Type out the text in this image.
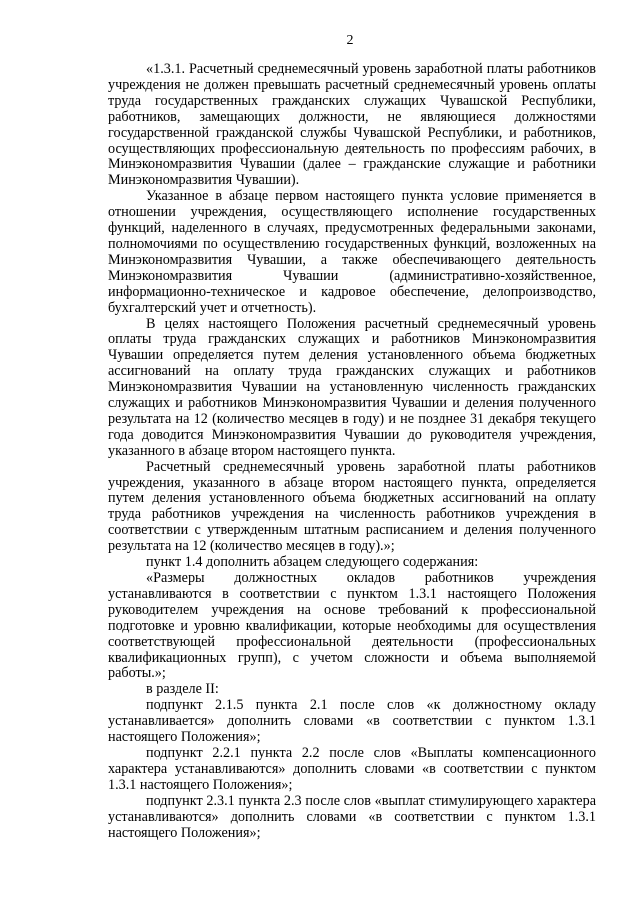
2

«1.3.1. Расчетный среднемесячный уровень заработной платы работников учреждения не должен превышать расчетный среднемесячный уровень оплаты труда государственных гражданских служащих Чувашской Республики, работников, замещающих должности, не являющиеся должностями государственной гражданской службы Чувашской Республики, и работников, осуществляющих профессиональную деятельность по профессиям рабочих, в Минэкономразвития Чувашии (далее – гражданские служащие и работники Минэкономразвития Чувашии).

Указанное в абзаце первом настоящего пункта условие применяется в отношении учреждения, осуществляющего исполнение государственных функций, наделенного в случаях, предусмотренных федеральными законами, полномочиями по осуществлению государственных функций, возложенных на Минэкономразвития Чувашии, а также обеспечивающего деятельность Минэкономразвития Чувашии (административно-хозяйственное, информационно-техническое и кадровое обеспечение, делопроизводство, бухгалтерский учет и отчетность).

В целях настоящего Положения расчетный среднемесячный уровень оплаты труда гражданских служащих и работников Минэкономразвития Чувашии определяется путем деления установленного объема бюджетных ассигнований на оплату труда гражданских служащих и работников Минэкономразвития Чувашии на установленную численность гражданских служащих и работников Минэкономразвития Чувашии и деления полученного результата на 12 (количество месяцев в году) и не позднее 31 декабря текущего года доводится Минэкономразвития Чувашии до руководителя учреждения, указанного в абзаце втором настоящего пункта.

Расчетный среднемесячный уровень заработной платы работников учреждения, указанного в абзаце втором настоящего пункта, определяется путем деления установленного объема бюджетных ассигнований на оплату труда работников учреждения на численность работников учреждения в соответствии с утвержденным штатным расписанием и деления полученного результата на 12 (количество месяцев в году).»;

пункт 1.4 дополнить абзацем следующего содержания:

«Размеры должностных окладов работников учреждения устанавливаются в соответствии с пунктом 1.3.1 настоящего Положения руководителем учреждения на основе требований к профессиональной подготовке и уровню квалификации, которые необходимы для осуществления соответствующей профессиональной деятельности (профессиональных квалификационных групп), с учетом сложности и объема выполняемой работы.»;

в разделе II:

подпункт 2.1.5 пункта 2.1 после слов «к должностному окладу устанавливается» дополнить словами «в соответствии с пунктом 1.3.1 настоящего Положения»;

подпункт 2.2.1 пункта 2.2 после слов «Выплаты компенсационного характера устанавливаются» дополнить словами «в соответствии с пунктом 1.3.1 настоящего Положения»;

подпункт 2.3.1 пункта 2.3 после слов «выплат стимулирующего характера устанавливаются» дополнить словами «в соответствии с пунктом 1.3.1 настоящего Положения»;
